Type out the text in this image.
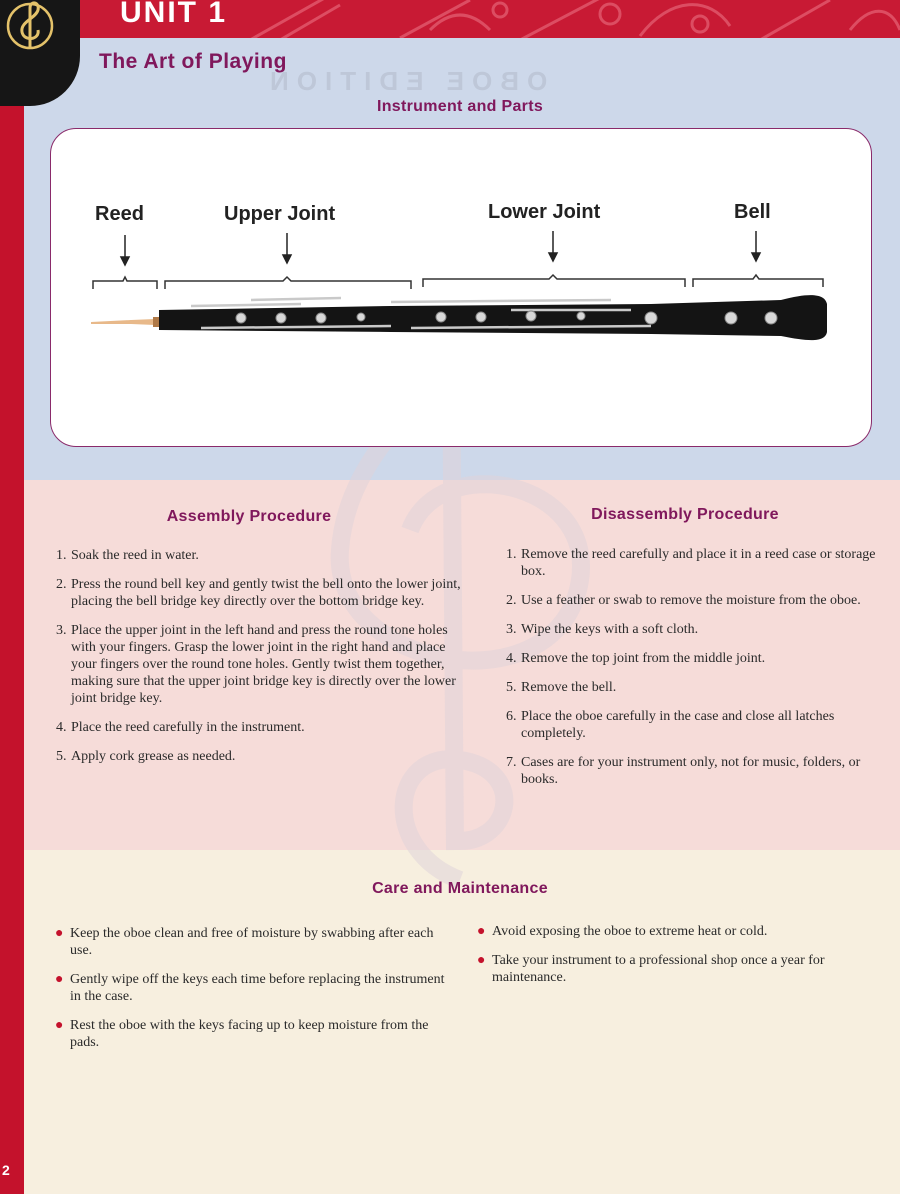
UNIT 1
The Art of Playing
OBOE EDITION
Instrument and Parts
Reed	Upper Joint	Lower Joint	Bell
Assembly Procedure	Disassembly Procedure
1. Soak the reed in water.
2. Press the round bell key and gently twist the bell onto the lower joint, placing the bell bridge key directly over the bottom bridge key.
3. Place the upper joint in the left hand and press the round tone holes with your fingers. Grasp the lower joint in the right hand and place your fingers over the round tone holes. Gently twist them together, making sure that the upper joint bridge key is directly over the lower joint bridge key.
4. Place the reed carefully in the instrument.
5. Apply cork grease as needed.
1. Remove the reed carefully and place it in a reed case or storage box.
2. Use a feather or swab to remove the moisture from the oboe.
3. Wipe the keys with a soft cloth.
4. Remove the top joint from the middle joint.
5. Remove the bell.
6. Place the oboe carefully in the case and close all latches completely.
7. Cases are for your instrument only, not for music, folders, or books.
Care and Maintenance
● Keep the oboe clean and free of moisture by swabbing after each use.
● Gently wipe off the keys each time before replacing the instrument in the case.
● Rest the oboe with the keys facing up to keep moisture from the pads.
● Avoid exposing the oboe to extreme heat or cold.
● Take your instrument to a professional shop once a year for maintenance.
2
